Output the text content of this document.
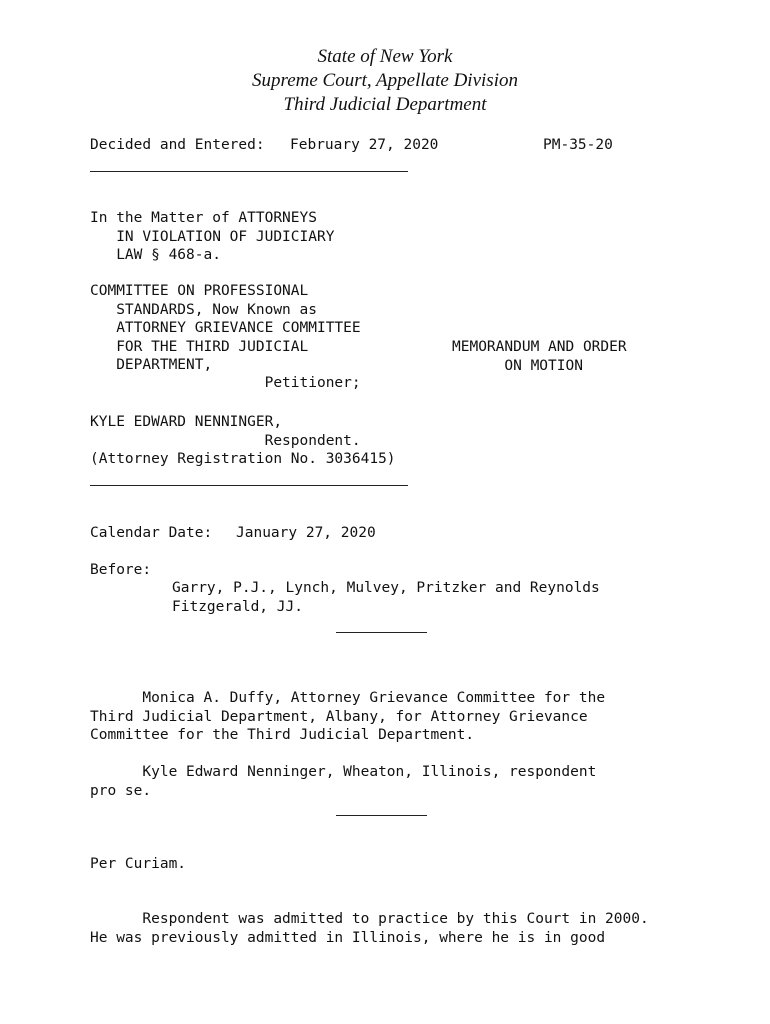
State of New York
Supreme Court, Appellate Division
Third Judicial Department
Decided and Entered: February 27, 2020	PM-35-20

In the Matter of ATTORNEYS
IN VIOLATION OF JUDICIARY
LAW § 468-a.

COMMITTEE ON PROFESSIONAL
STANDARDS, Now Known as
ATTORNEY GRIEVANCE COMMITTEE
FOR THE THIRD JUDICIAL
DEPARTMENT,
Petitioner;

MEMORANDUM AND ORDER
ON MOTION

KYLE EDWARD NENNINGER,
Respondent.
(Attorney Registration No. 3036415)
Calendar Date: January 27, 2020
Before:

Garry, P.J., Lynch, Mulvey, Pritzker and Reynolds
Fitzgerald, JJ.

Monica A. Duffy, Attorney Grievance Committee for the
Third Judicial Department, Albany, for Attorney Grievance
Committee for the Third Judicial Department.

Kyle Edward Nenninger, Wheaton, Illinois, respondent
pro se.
Per Curiam.

Respondent was admitted to practice by this Court in 2000.
He was previously admitted in Illinois, where he is in good
